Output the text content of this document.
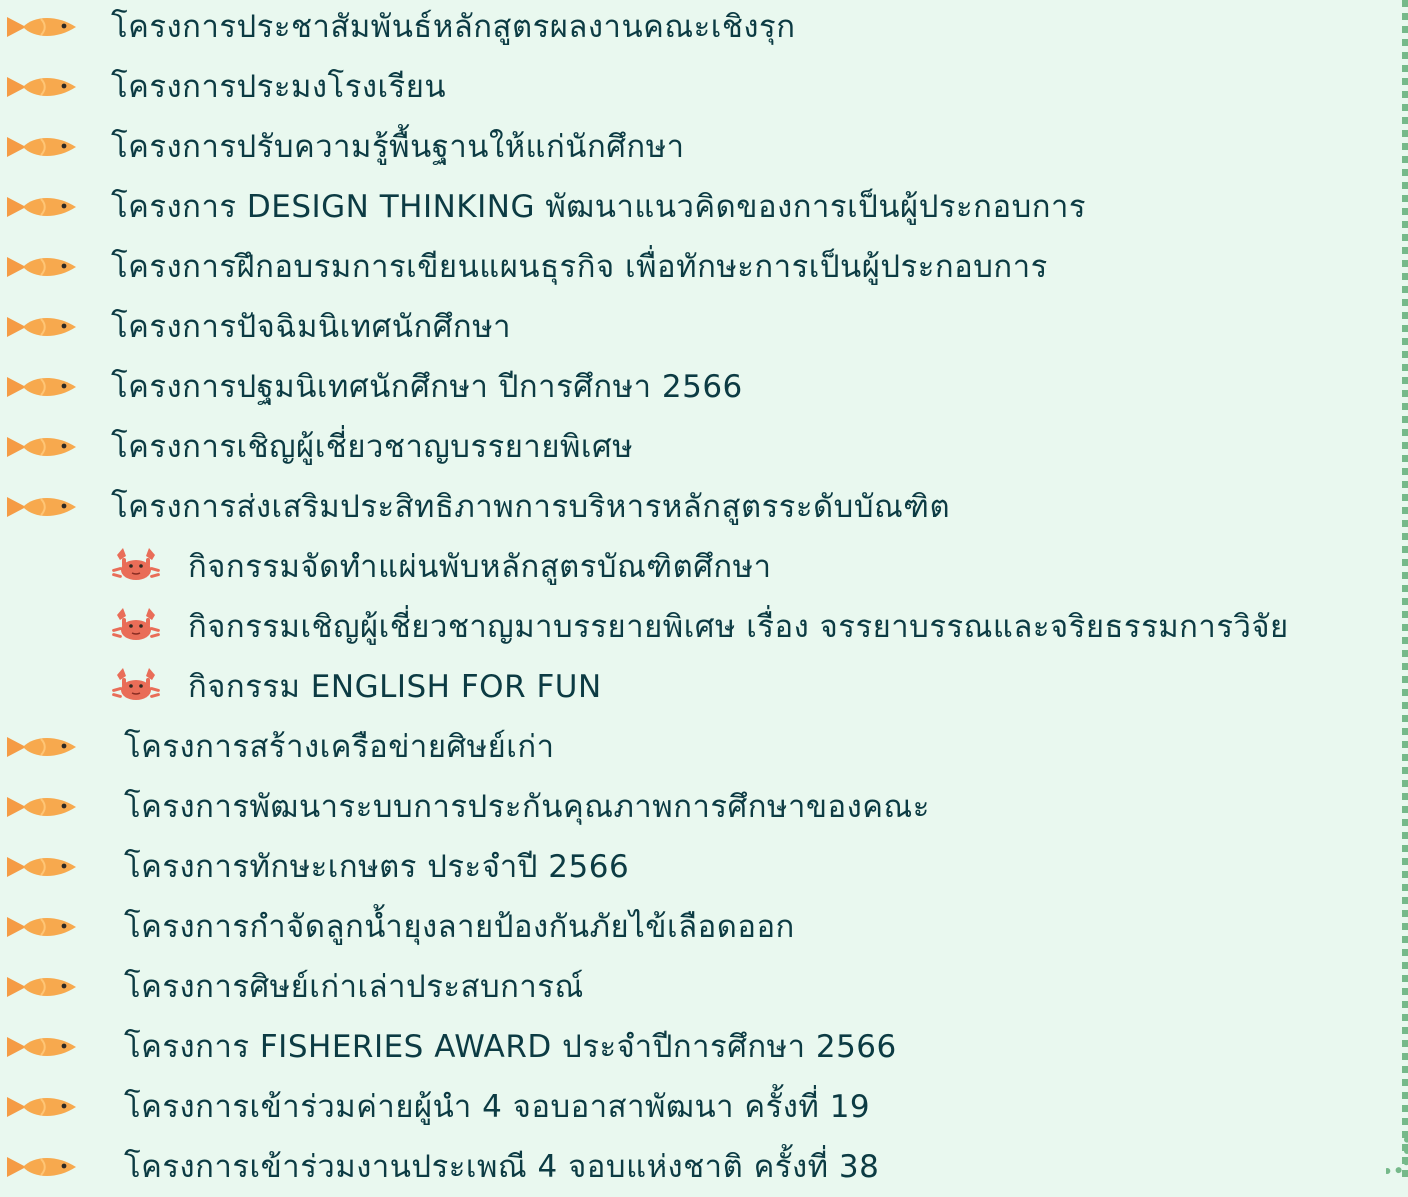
โครงการประชาสัมพันธ์หลักสูตรผลงานคณะเชิงรุก
โครงการประมงโรงเรียน
โครงการปรับความรู้พื้นฐานให้แก่นักศึกษา
โครงการ DESIGN THINKING พัฒนาแนวคิดของการเป็นผู้ประกอบการ
โครงการฝึกอบรมการเขียนแผนธุรกิจ เพื่อทักษะการเป็นผู้ประกอบการ
โครงการปัจฉิมนิเทศนักศึกษา
โครงการปฐมนิเทศนักศึกษา ปีการศึกษา 2566
โครงการเชิญผู้เชี่ยวชาญบรรยายพิเศษ
โครงการส่งเสริมประสิทธิภาพการบริหารหลักสูตรระดับบัณฑิต
กิจกรรมจัดทำแผ่นพับหลักสูตรบัณฑิตศึกษา
กิจกรรมเชิญผู้เชี่ยวชาญมาบรรยายพิเศษ เรื่อง จรรยาบรรณและจริยธรรมการวิจัย
กิจกรรม ENGLISH FOR FUN
โครงการสร้างเครือข่ายศิษย์เก่า
โครงการพัฒนาระบบการประกันคุณภาพการศึกษาของคณะ
โครงการทักษะเกษตร ประจำปี 2566
โครงการกำจัดลูกน้ำยุงลายป้องกันภัยไข้เลือดออก
โครงการศิษย์เก่าเล่าประสบการณ์
โครงการ FISHERIES AWARD ประจำปีการศึกษา 2566
โครงการเข้าร่วมค่ายผู้นำ 4 จอบอาสาพัฒนา ครั้งที่ 19
โครงการเข้าร่วมงานประเพณี 4 จอบแห่งชาติ ครั้งที่ 38
